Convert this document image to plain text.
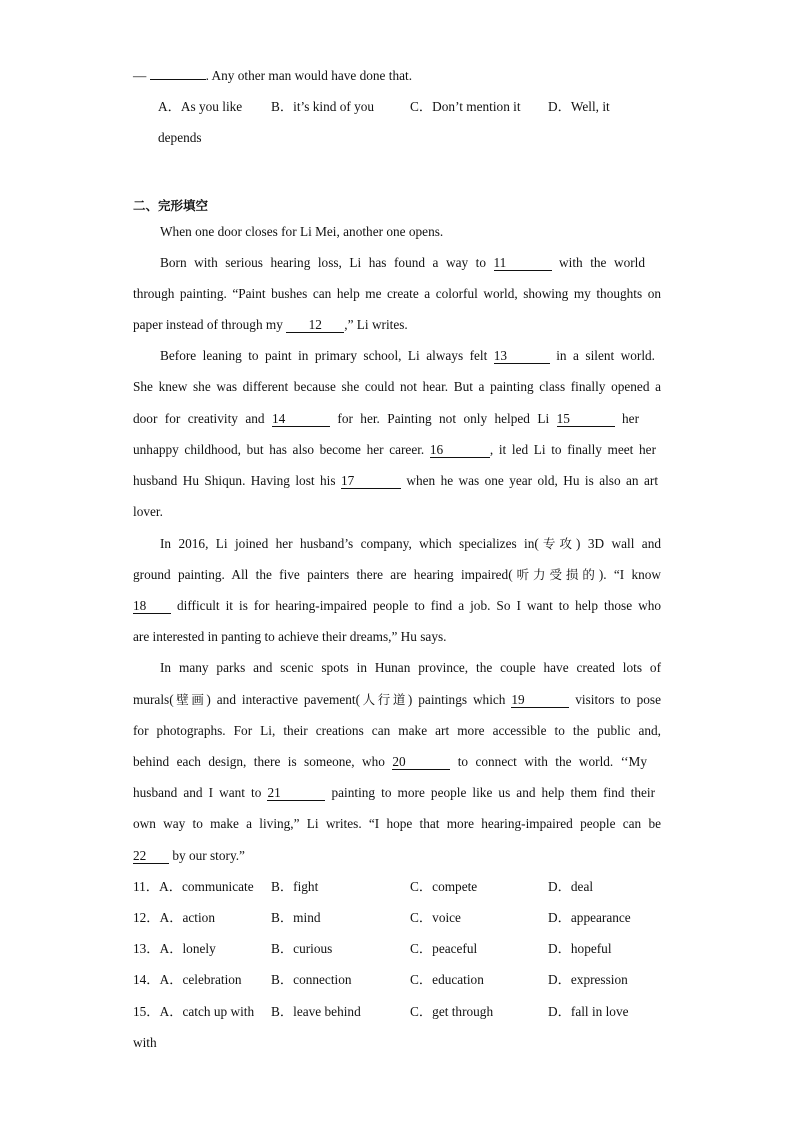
—	. Any other man would have done that.
A．As you like B．it’s kind of you	C．Don’t mention it D．Well, it
depends
二、完形填空
When one door closes for Li Mei, another one opens.
Born with serious hearing loss, Li has found a way to 11	with the world
through painting. “Paint bushes can help me create a colorful world, showing my thoughts on
paper instead of through my 12 ,” Li writes.
Before leaning to paint in primary school, Li always felt 13	in a silent world.
She knew she was different because she could not hear. But a painting class finally opened a
door for creativity and 14	for her. Painting not only helped Li 15	her
unhappy childhood, but has also become her career. 16	, it led Li to finally meet her
husband Hu Shiqun. Having lost his 17	when he was one year old, Hu is also an art
lover.
In 2016, Li joined her husband’s company, which specializes in(专攻) 3D wall and
ground painting. All the five painters there are hearing impaired(听力受损的). “I know
18 difficult it is for hearing-impaired people to find a job. So I want to help those who
are interested in panting to achieve their dreams,” Hu says.
In many parks and scenic spots in Hunan province, the couple have created lots of
murals(壁画) and interactive pavement(人行道) paintings which 19	visitors to pose
for photographs. For Li, their creations can make art more accessible to the public and,
behind each design, there is someone, who 20	to connect with the world. ‘‘My
husband and I want to 21	painting to more people like us and help them find their
own way to make a living,” Li writes. “I hope that more hearing-impaired people can be
22 by our story.”
11．A．communicate B．fight	C．compete	D．deal
12．A．action	B．mind	C．voice	D．appearance
13．A．lonely	B．curious	C．peaceful	D．hopeful
14．A．celebration B．connection	C．education	D．expression
15．A．catch up with B．leave behind	C．get through	D．fall in love
with
